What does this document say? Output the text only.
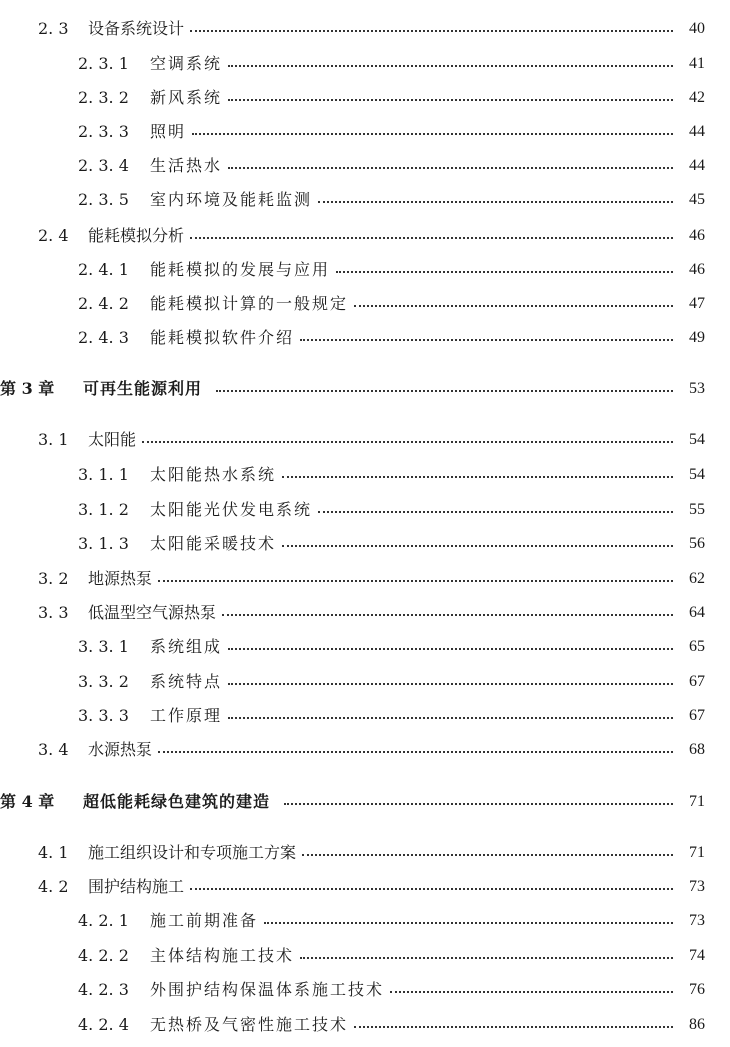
2. 3	设备系统设计	40
2. 3. 1	空调系统	41
2. 3. 2	新风系统	42
2. 3. 3	照明	44
2. 3. 4	生活热水	44
2. 3. 5	室内环境及能耗监测	45
2. 4	能耗模拟分析	46
2. 4. 1	能耗模拟的发展与应用	46
2. 4. 2	能耗模拟计算的一般规定	47
2. 4. 3	能耗模拟软件介绍	49
第 3 章	可再生能源利用	53
3. 1	太阳能	54
3. 1. 1	太阳能热水系统	54
3. 1. 2	太阳能光伏发电系统	55
3. 1. 3	太阳能采暖技术	56
3. 2	地源热泵	62
3. 3	低温型空气源热泵	64
3. 3. 1	系统组成	65
3. 3. 2	系统特点	67
3. 3. 3	工作原理	67
3. 4	水源热泵	68
第 4 章	超低能耗绿色建筑的建造	71
4. 1	施工组织设计和专项施工方案	71
4. 2	围护结构施工	73
4. 2. 1	施工前期准备	73
4. 2. 2	主体结构施工技术	74
4. 2. 3	外围护结构保温体系施工技术	76
4. 2. 4	无热桥及气密性施工技术	86
